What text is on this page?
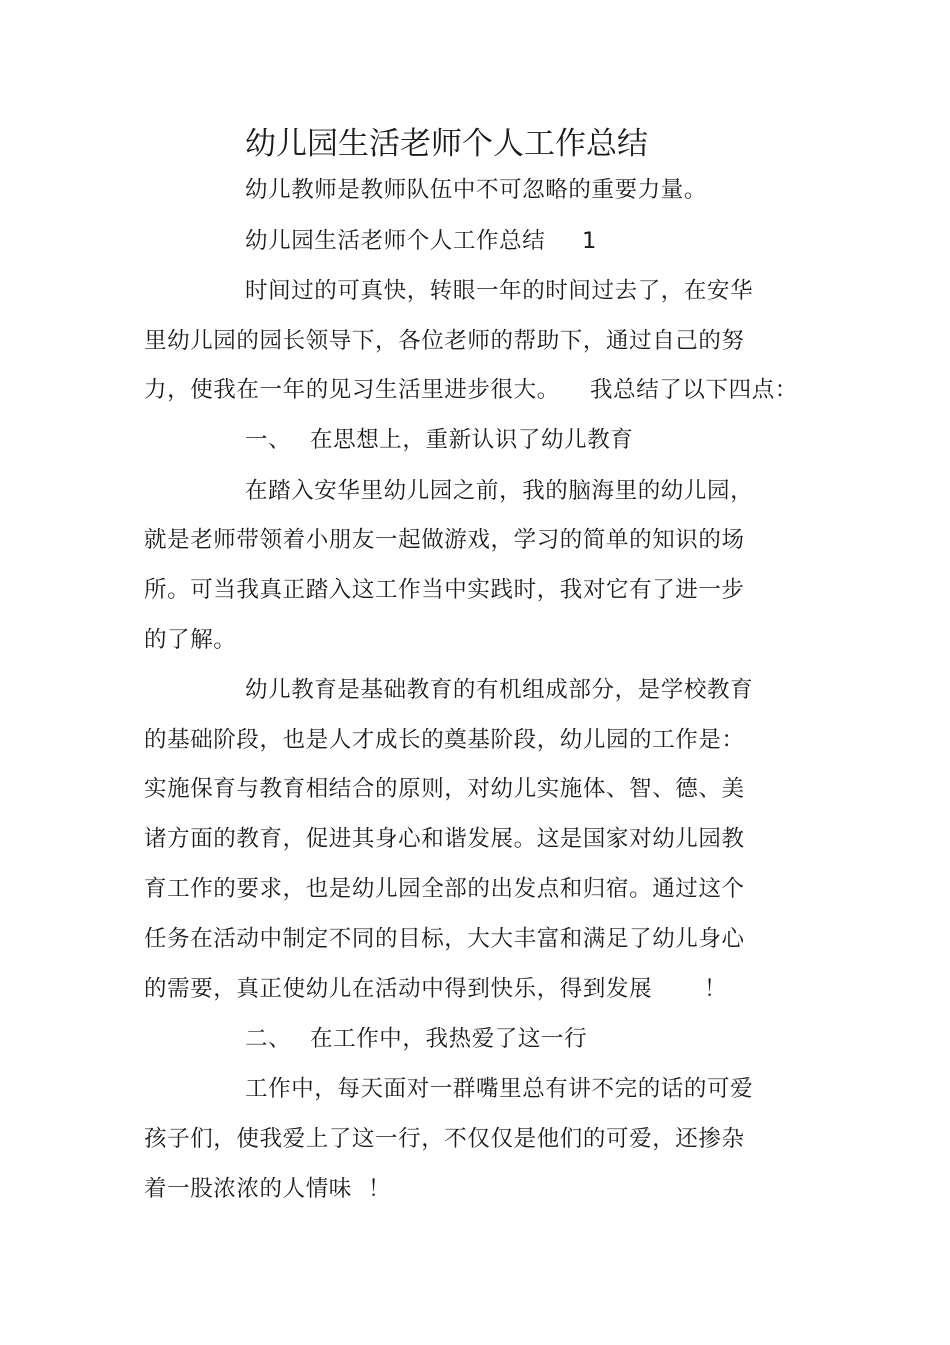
幼儿园生活老师个人工作总结
幼儿教师是教师队伍中不可忽略的重要力量。
幼儿园生活老师个人工作总结 1
时间过的可真快，转眼一年的时间过去了，在安华
里幼儿园的园长领导下，各位老师的帮助下，通过自己的努
力，使我在一年的见习生活里进步很大。 我总结了以下四点：
一、 在思想上，重新认识了幼儿教育
在踏入安华里幼儿园之前，我的脑海里的幼儿园，
就是老师带领着小朋友一起做游戏，学习的简单的知识的场
所。可当我真正踏入这工作当中实践时，我对它有了进一步
的了解。
幼儿教育是基础教育的有机组成部分，是学校教育
的基础阶段，也是人才成长的奠基阶段，幼儿园的工作是：
实施保育与教育相结合的原则，对幼儿实施体、智、德、美
诸方面的教育，促进其身心和谐发展。这是国家对幼儿园教
育工作的要求，也是幼儿园全部的出发点和归宿。通过这个
任务在活动中制定不同的目标，大大丰富和满足了幼儿身心
的需要，真正使幼儿在活动中得到快乐，得到发展 ！
二、 在工作中，我热爱了这一行
工作中，每天面对一群嘴里总有讲不完的话的可爱
孩子们，使我爱上了这一行，不仅仅是他们的可爱，还掺杂
着一股浓浓的人情味 ！
